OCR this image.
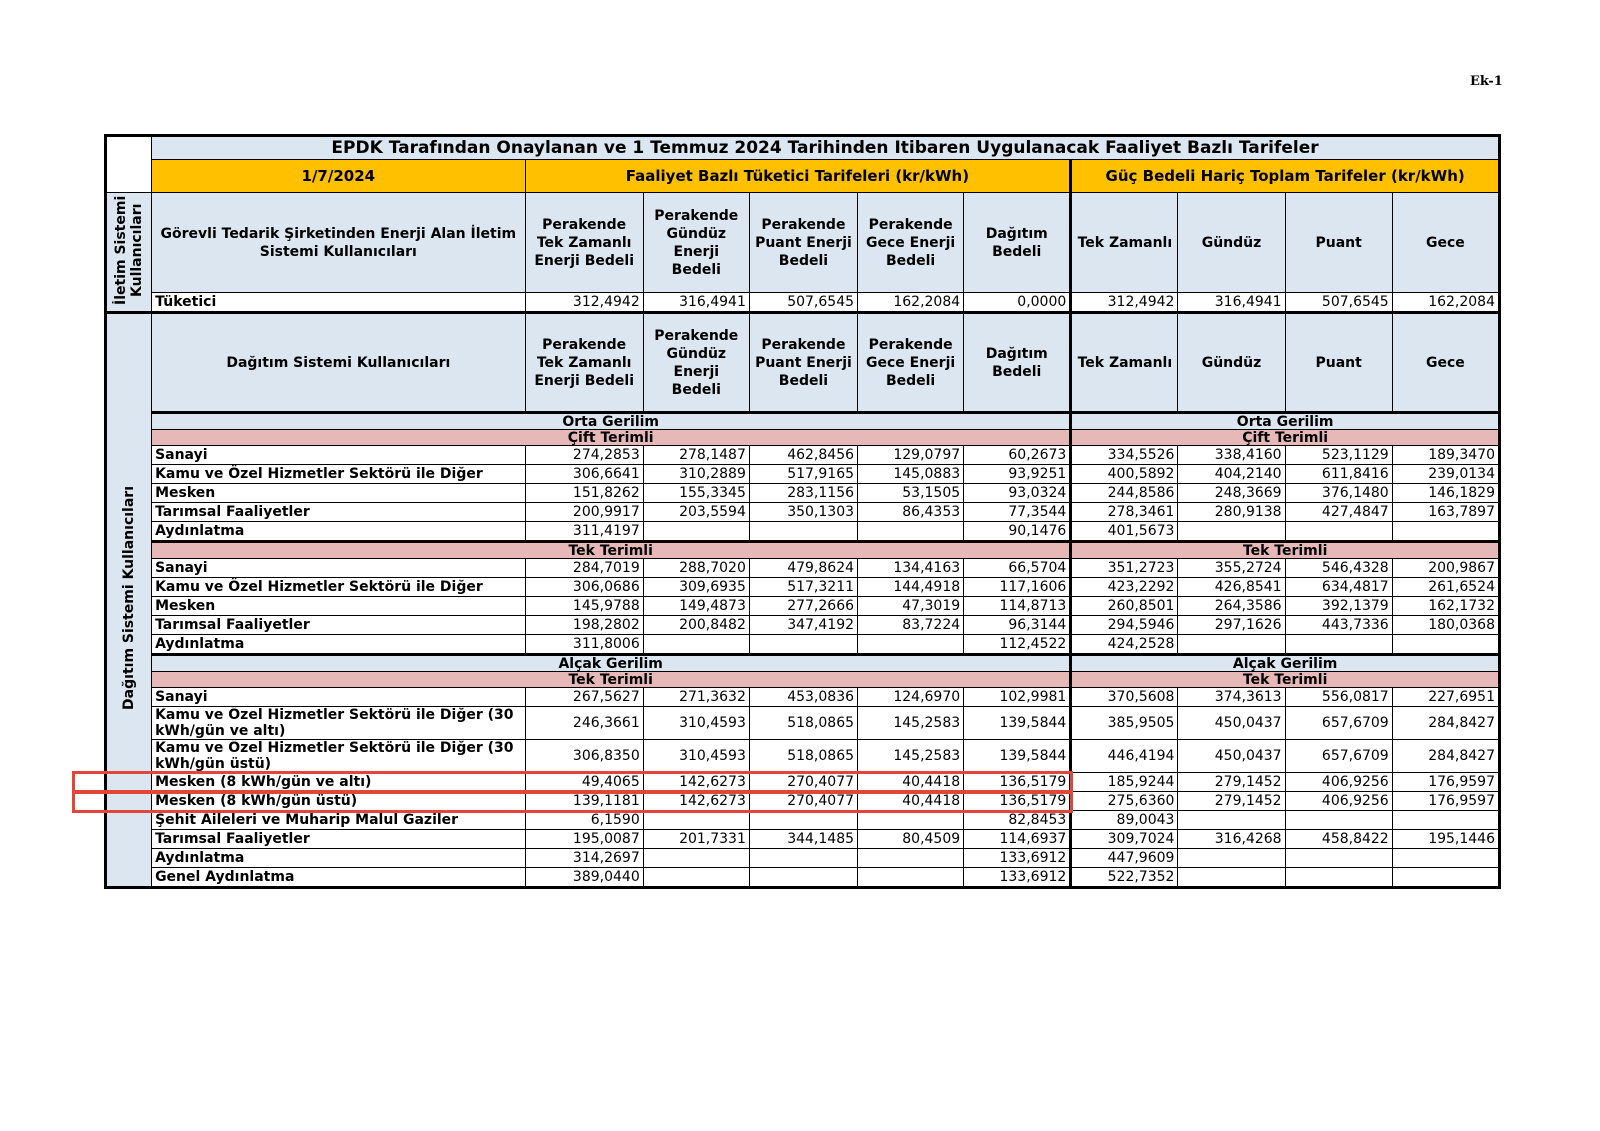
Ek-1
	EPDK Tarafından Onaylanan ve 1 Temmuz 2024 Tarihinden Itibaren Uygulanacak Faaliyet Bazlı Tarifeler									
	1/7/2024	Faaliyet Bazlı Tüketici Tarifeleri (kr/kWh)					Güç Bedeli Hariç Toplam Tarifeler (kr/kWh)			
İletim Sistemi Kullanıcıları	Görevli Tedarik Şirketinden Enerji Alan İletim Sistemi Kullanıcıları	Perakende Tek Zamanlı Enerji Bedeli	Perakende Gündüz Enerji Bedeli	Perakende Puant Enerji Bedeli	Perakende Gece Enerji Bedeli	Dağıtım Bedeli	Tek Zamanlı	Gündüz	Puant	Gece
	Tüketici	312,4942	316,4941	507,6545	162,2084	0,0000	312,4942	316,4941	507,6545	162,2084
Dağıtım Sistemi Kullanıcıları	Dağıtım Sistemi Kullanıcıları	Perakende Tek Zamanlı Enerji Bedeli	Perakende Gündüz Enerji Bedeli	Perakende Puant Enerji Bedeli	Perakende Gece Enerji Bedeli	Dağıtım Bedeli	Tek Zamanlı	Gündüz	Puant	Gece
	Orta Gerilim						Orta Gerilim			
	Çift Terimli						Çift Terimli			
	Sanayi	274,2853	278,1487	462,8456	129,0797	60,2673	334,5526	338,4160	523,1129	189,3470
	Kamu ve Özel Hizmetler Sektörü ile Diğer	306,6641	310,2889	517,9165	145,0883	93,9251	400,5892	404,2140	611,8416	239,0134
	Mesken	151,8262	155,3345	283,1156	53,1505	93,0324	244,8586	248,3669	376,1480	146,1829
	Tarımsal Faaliyetler	200,9917	203,5594	350,1303	86,4353	77,3544	278,3461	280,9138	427,4847	163,7897
	Aydınlatma	311,4197				90,1476	401,5673			
	Tek Terimli						Tek Terimli			
	Sanayi	284,7019	288,7020	479,8624	134,4163	66,5704	351,2723	355,2724	546,4328	200,9867
	Kamu ve Özel Hizmetler Sektörü ile Diğer	306,0686	309,6935	517,3211	144,4918	117,1606	423,2292	426,8541	634,4817	261,6524
	Mesken	145,9788	149,4873	277,2666	47,3019	114,8713	260,8501	264,3586	392,1379	162,1732
	Tarımsal Faaliyetler	198,2802	200,8482	347,4192	83,7224	96,3144	294,5946	297,1626	443,7336	180,0368
	Aydınlatma	311,8006				112,4522	424,2528			
	Alçak Gerilim						Alçak Gerilim			
	Tek Terimli						Tek Terimli			
	Sanayi	267,5627	271,3632	453,0836	124,6970	102,9981	370,5608	374,3613	556,0817	227,6951
	Kamu ve Özel Hizmetler Sektörü ile Diğer (30 kWh/gün ve altı)	246,3661	310,4593	518,0865	145,2583	139,5844	385,9505	450,0437	657,6709	284,8427
	Kamu ve Özel Hizmetler Sektörü ile Diğer (30 kWh/gün üstü)	306,8350	310,4593	518,0865	145,2583	139,5844	446,4194	450,0437	657,6709	284,8427
	Mesken (8 kWh/gün ve altı)	49,4065	142,6273	270,4077	40,4418	136,5179	185,9244	279,1452	406,9256	176,9597
	Mesken (8 kWh/gün üstü)	139,1181	142,6273	270,4077	40,4418	136,5179	275,6360	279,1452	406,9256	176,9597
	Şehit Aileleri ve Muharip Malul Gaziler	6,1590				82,8453	89,0043			
	Tarımsal Faaliyetler	195,0087	201,7331	344,1485	80,4509	114,6937	309,7024	316,4268	458,8422	195,1446
	Aydınlatma	314,2697				133,6912	447,9609			
	Genel Aydınlatma	389,0440				133,6912	522,7352			
